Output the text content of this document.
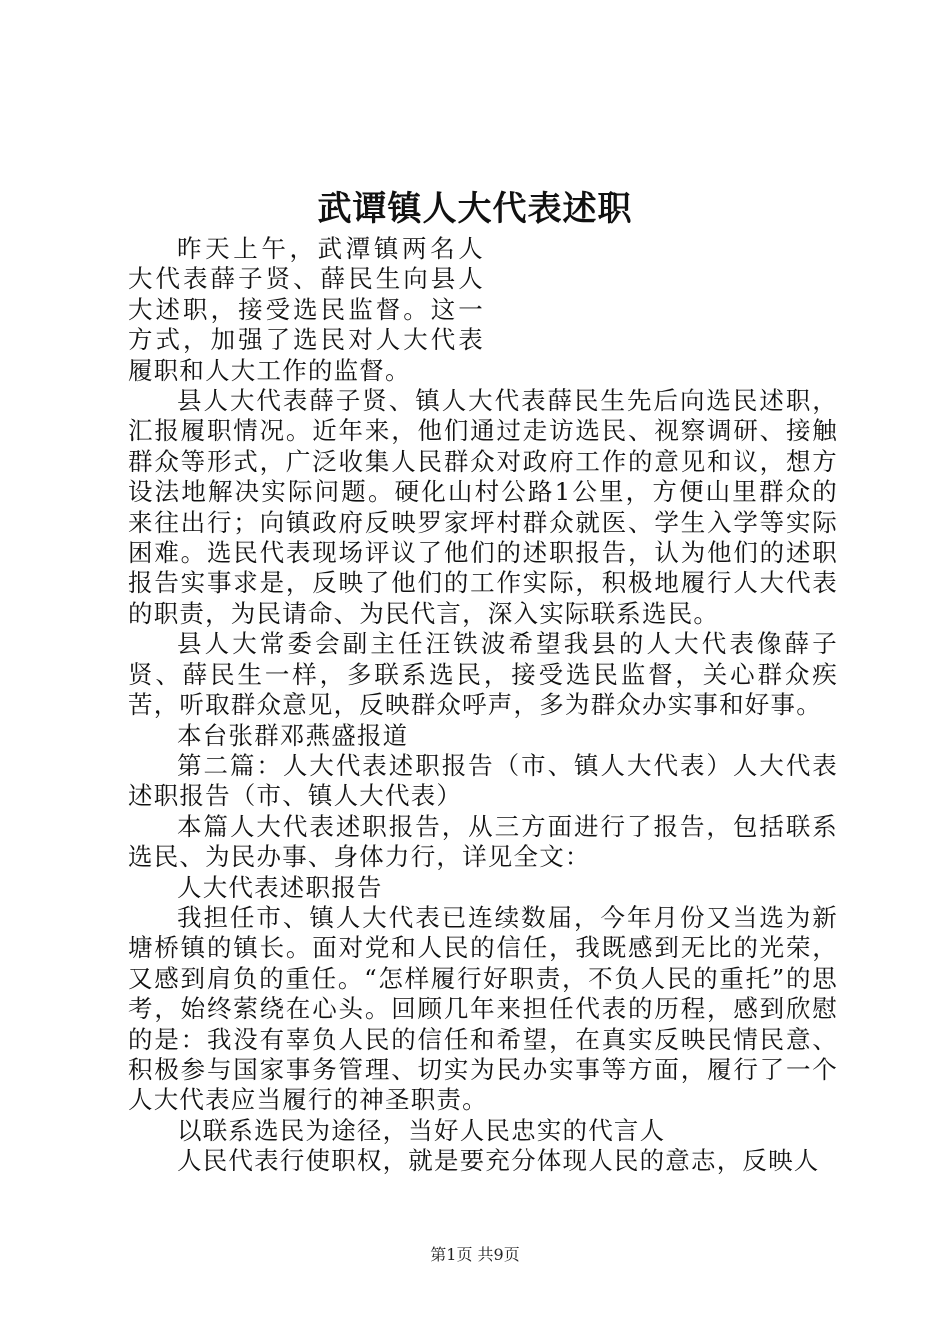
武谭镇人大代表述职

昨天上午，武潭镇两名人大代表薛子贤、薛民生向县人大述职，接受选民监督。这一方式，加强了选民对人大代表履职和人大工作的监督。

县人大代表薛子贤、镇人大代表薛民生先后向选民述职，汇报履职情况。近年来，他们通过走访选民、视察调研、接触群众等形式，广泛收集人民群众对政府工作的意见和议，想方设法地解决实际问题。硬化山村公路1公里，方便山里群众的来往出行；向镇政府反映罗家坪村群众就医、学生入学等实际困难。选民代表现场评议了他们的述职报告，认为他们的述职报告实事求是，反映了他们的工作实际，积极地履行人大代表的职责，为民请命、为民代言，深入实际联系选民。

县人大常委会副主任汪铁波希望我县的人大代表像薛子贤、薛民生一样，多联系选民，接受选民监督，关心群众疾苦，听取群众意见，反映群众呼声，多为群众办实事和好事。

本台张群邓燕盛报道

第二篇：人大代表述职报告（市、镇人大代表）人大代表述职报告（市、镇人大代表）

本篇人大代表述职报告，从三方面进行了报告，包括联系选民、为民办事、身体力行，详见全文：

人大代表述职报告

我担任市、镇人大代表已连续数届，今年月份又当选为新塘桥镇的镇长。面对党和人民的信任，我既感到无比的光荣，又感到肩负的重任。“怎样履行好职责，不负人民的重托”的思考，始终萦绕在心头。回顾几年来担任代表的历程，感到欣慰的是：我没有辜负人民的信任和希望，在真实反映民情民意、积极参与国家事务管理、切实为民办实事等方面，履行了一个人大代表应当履行的神圣职责。

以联系选民为途径，当好人民忠实的代言人

人民代表行使职权，就是要充分体现人民的意志，反映人

第1页 共9页
